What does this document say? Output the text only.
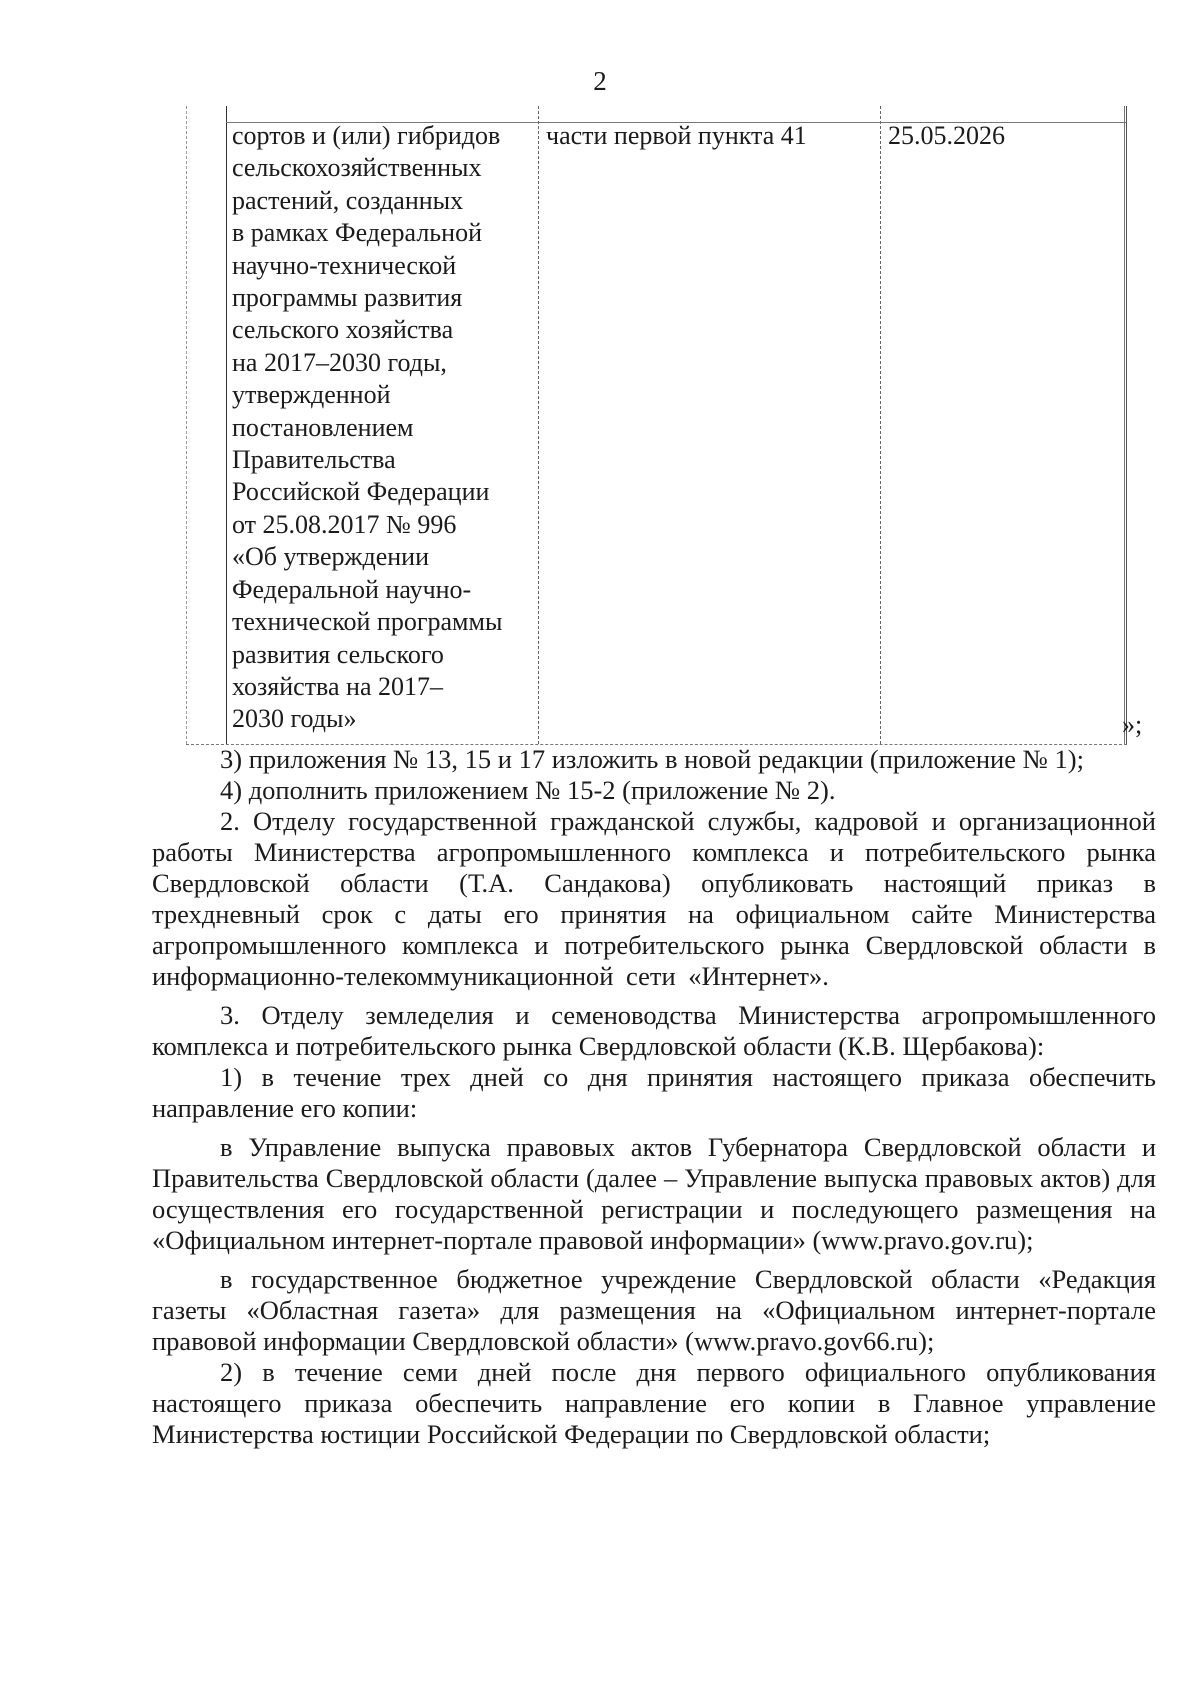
2
сортов и (или) гибридов
сельскохозяйственных
растений, созданных
в рамках Федеральной
научно-технической
программы развития
сельского хозяйства
на 2017–2030 годы,
утвержденной
постановлением
Правительства
Российской Федерации
от 25.08.2017 № 996
«Об утверждении
Федеральной научно-
технической программы
развития сельского
хозяйства на 2017–
2030 годы»
части первой пункта 41	25.05.2026
»;

3) приложения № 13, 15 и 17 изложить в новой редакции (приложение № 1);

4) дополнить приложением № 15-2 (приложение № 2).

2. Отделу государственной гражданской службы, кадровой и организационной работы Министерства агропромышленного комплекса и потребительского рынка Свердловской области (Т.А. Сандакова) опубликовать настоящий приказ в трехдневный срок с даты его принятия на официальном сайте Министерства агропромышленного комплекса и потребительского рынка Свердловской области в информационно-телекоммуникационной сети «Интернет».

3. Отделу земледелия и семеноводства Министерства агропромышленного комплекса и потребительского рынка Свердловской области (К.В. Щербакова):

1) в течение трех дней со дня принятия настоящего приказа обеспечить направление его копии:

в Управление выпуска правовых актов Губернатора Свердловской области и Правительства Свердловской области (далее – Управление выпуска правовых актов) для осуществления его государственной регистрации и последующего размещения на «Официальном интернет-портале правовой информации» (www.pravo.gov.ru);

в государственное бюджетное учреждение Свердловской области «Редакция газеты «Областная газета» для размещения на «Официальном интернет-портале правовой информации Свердловской области» (www.pravo.gov66.ru);

2) в течение семи дней после дня первого официального опубликования настоящего приказа обеспечить направление его копии в Главное управление Министерства юстиции Российской Федерации по Свердловской области;
